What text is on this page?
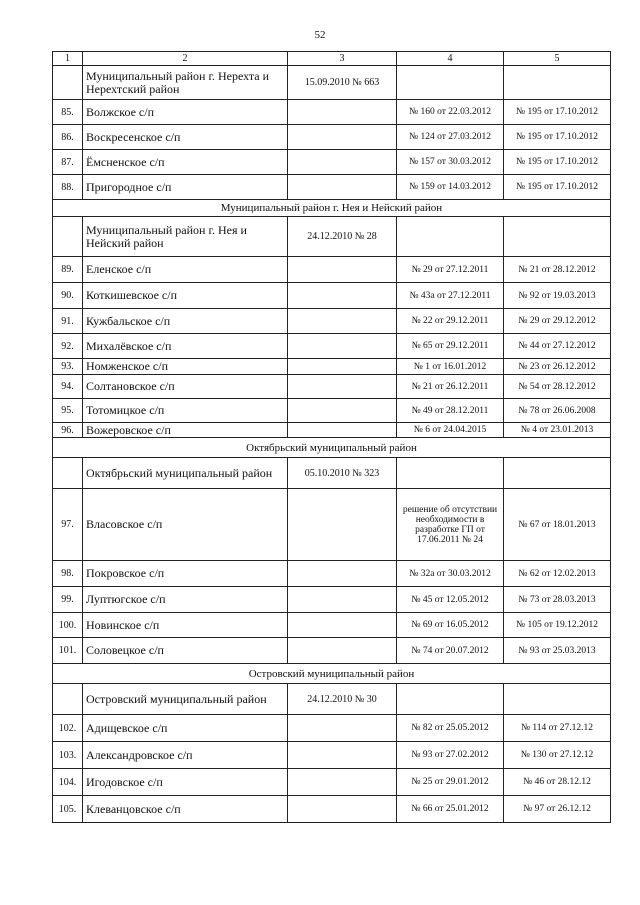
52
1	2	3	4	5
	Муниципальный район г. Нерехта и Нерехтский район	15.09.2010 № 663		
85.	Волжское с/п		№ 160 от 22.03.2012	№ 195 от 17.10.2012
86.	Воскресенское с/п		№ 124 от 27.03.2012	№ 195 от 17.10.2012
87.	Ёмсненское с/п		№ 157 от 30.03.2012	№ 195 от 17.10.2012
88.	Пригородное с/п		№ 159 от 14.03.2012	№ 195 от 17.10.2012
Муниципальный район г. Нея и Нейский район				
	Муниципальный район г. Нея и Нейский район	24.12.2010 № 28		
89.	Еленское с/п		№ 29 от 27.12.2011	№ 21 от 28.12.2012
90.	Коткишевское с/п		№ 43а от 27.12.2011	№ 92 от 19.03.2013
91.	Кужбальское с/п		№ 22 от 29.12.2011	№ 29 от 29.12.2012
92.	Михалёвское с/п		№ 65 от 29.12.2011	№ 44 от 27.12.2012
93.	Номженское с/п		№ 1 от 16.01.2012	№ 23 от 26.12.2012
94.	Солтановское с/п		№ 21 от 26.12.2011	№ 54 от 28.12.2012
95.	Тотомицкое с/п		№ 49 от 28.12.2011	№ 78 от 26.06.2008
96.	Вожеровское с/п		№ 6 от 24.04.2015	№ 4 от 23.01.2013
Октябрьский муниципальный район				
	Октябрьский муниципальный район	05.10.2010 № 323		
97.	Власовское с/п		решение об отсутствии необходимости в разработке ГП от 17.06.2011 № 24	№ 67 от 18.01.2013
98.	Покровское с/п		№ 32а от 30.03.2012	№ 62 от 12.02.2013
99.	Луптюгское с/п		№ 45 от 12.05.2012	№ 73 от 28.03.2013
100.	Новинское с/п		№ 69 от 16.05.2012	№ 105 от 19.12.2012
101.	Соловецкое с/п		№ 74 от 20.07.2012	№ 93 от 25.03.2013
Островский муниципальный район				
	Островский муниципальный район	24.12.2010 № 30		
102.	Адищевское с/п		№ 82 от 25.05.2012	№ 114 от 27.12.12
103.	Александровское с/п		№ 93 от 27.02.2012	№ 130 от 27.12.12
104.	Игодовское с/п		№ 25 от 29.01.2012	№ 46 от 28.12.12
105.	Клеванцовское с/п		№ 66 от 25.01.2012	№ 97 от 26.12.12
